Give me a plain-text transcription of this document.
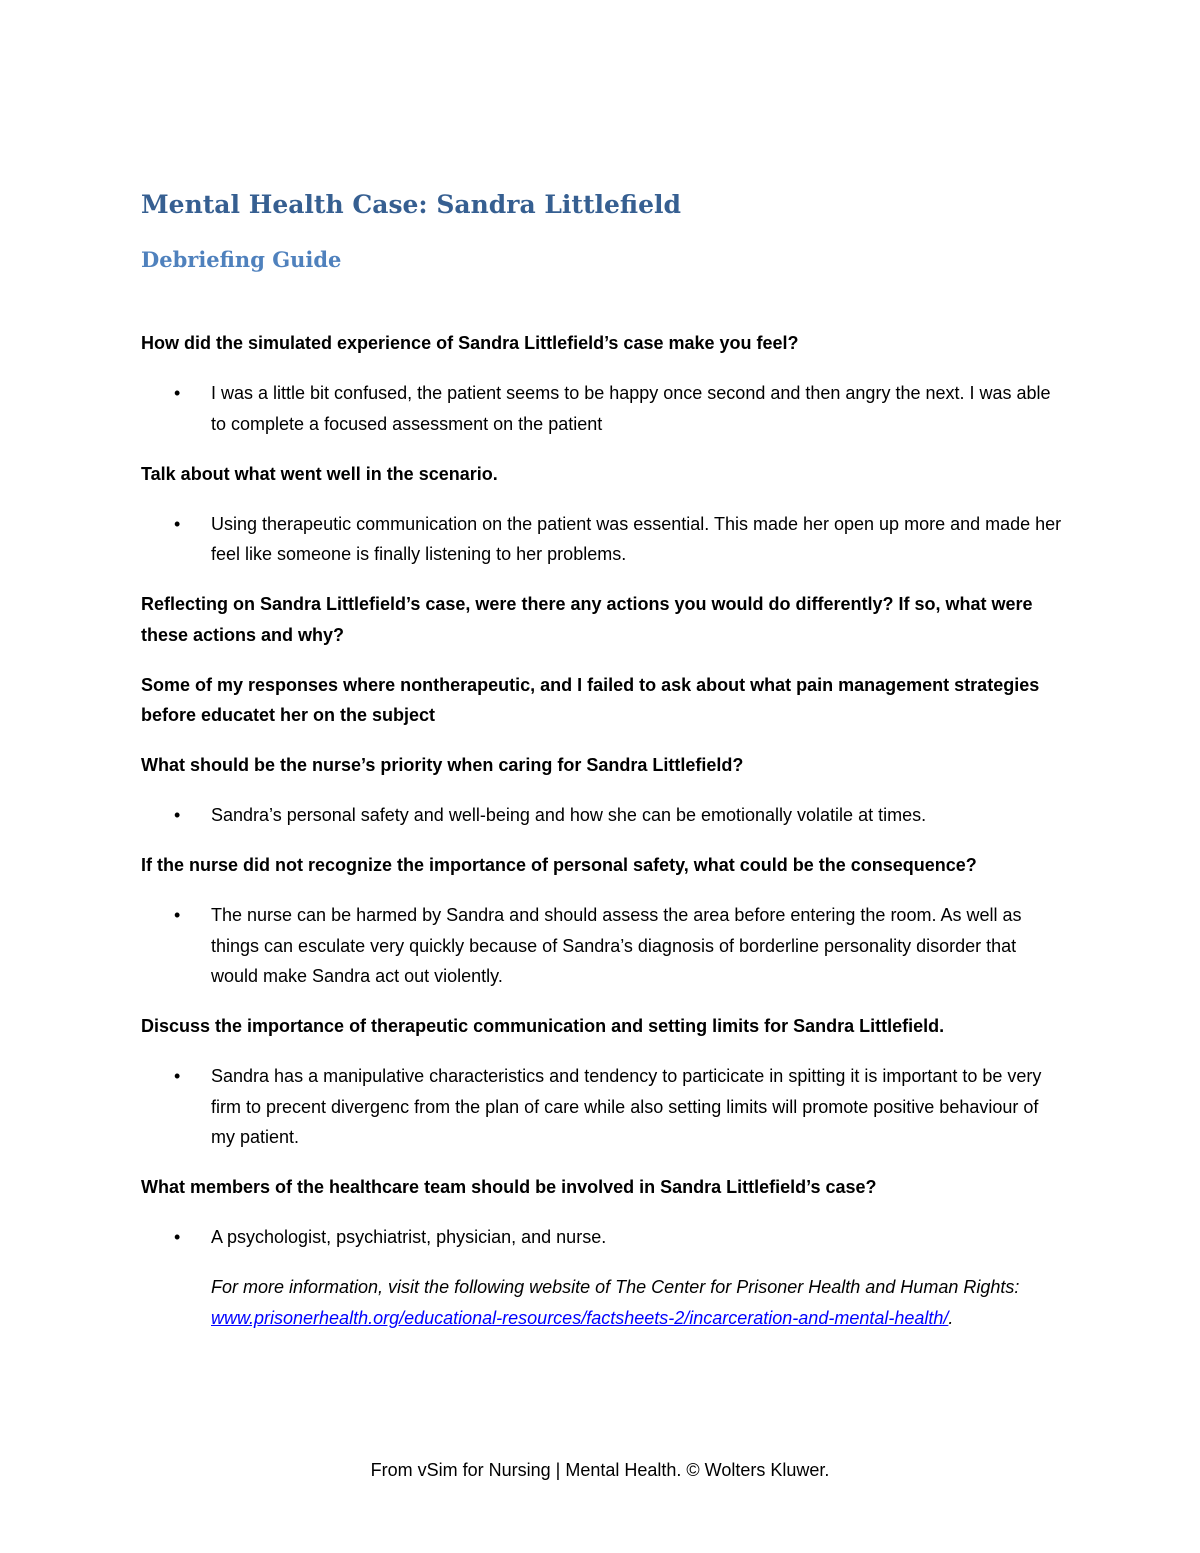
Mental Health Case: Sandra Littlefield
Debriefing Guide

How did the simulated experience of Sandra Littlefield’s case make you feel?

• I was a little bit confused, the patient seems to be happy once second and then angry the next. I was able to complete a focused assessment on the patient

Talk about what went well in the scenario.

• Using therapeutic communication on the patient was essential. This made her open up more and made her feel like someone is finally listening to her problems.

Reflecting on Sandra Littlefield’s case, were there any actions you would do differently? If so, what were these actions and why?

Some of my responses where nontherapeutic, and I failed to ask about what pain management strategies before educatet her on the subject

What should be the nurse’s priority when caring for Sandra Littlefield?

• Sandra’s personal safety and well-being and how she can be emotionally volatile at times.

If the nurse did not recognize the importance of personal safety, what could be the consequence?

• The nurse can be harmed by Sandra and should assess the area before entering the room. As well as things can esculate very quickly because of Sandra’s diagnosis of borderline personality disorder that would make Sandra act out violently.

Discuss the importance of therapeutic communication and setting limits for Sandra Littlefield.

• Sandra has a manipulative characteristics and tendency to particicate in spitting it is important to be very firm to precent divergenc from the plan of care while also setting limits will promote positive behaviour of my patient.

What members of the healthcare team should be involved in Sandra Littlefield’s case?

• A psychologist, psychiatrist, physician, and nurse.

For more information, visit the following website of The Center for Prisoner Health and Human Rights: www.prisonerhealth.org/educational-resources/factsheets-2/incarceration-and-mental-health/.

From vSim for Nursing | Mental Health. © Wolters Kluwer.
